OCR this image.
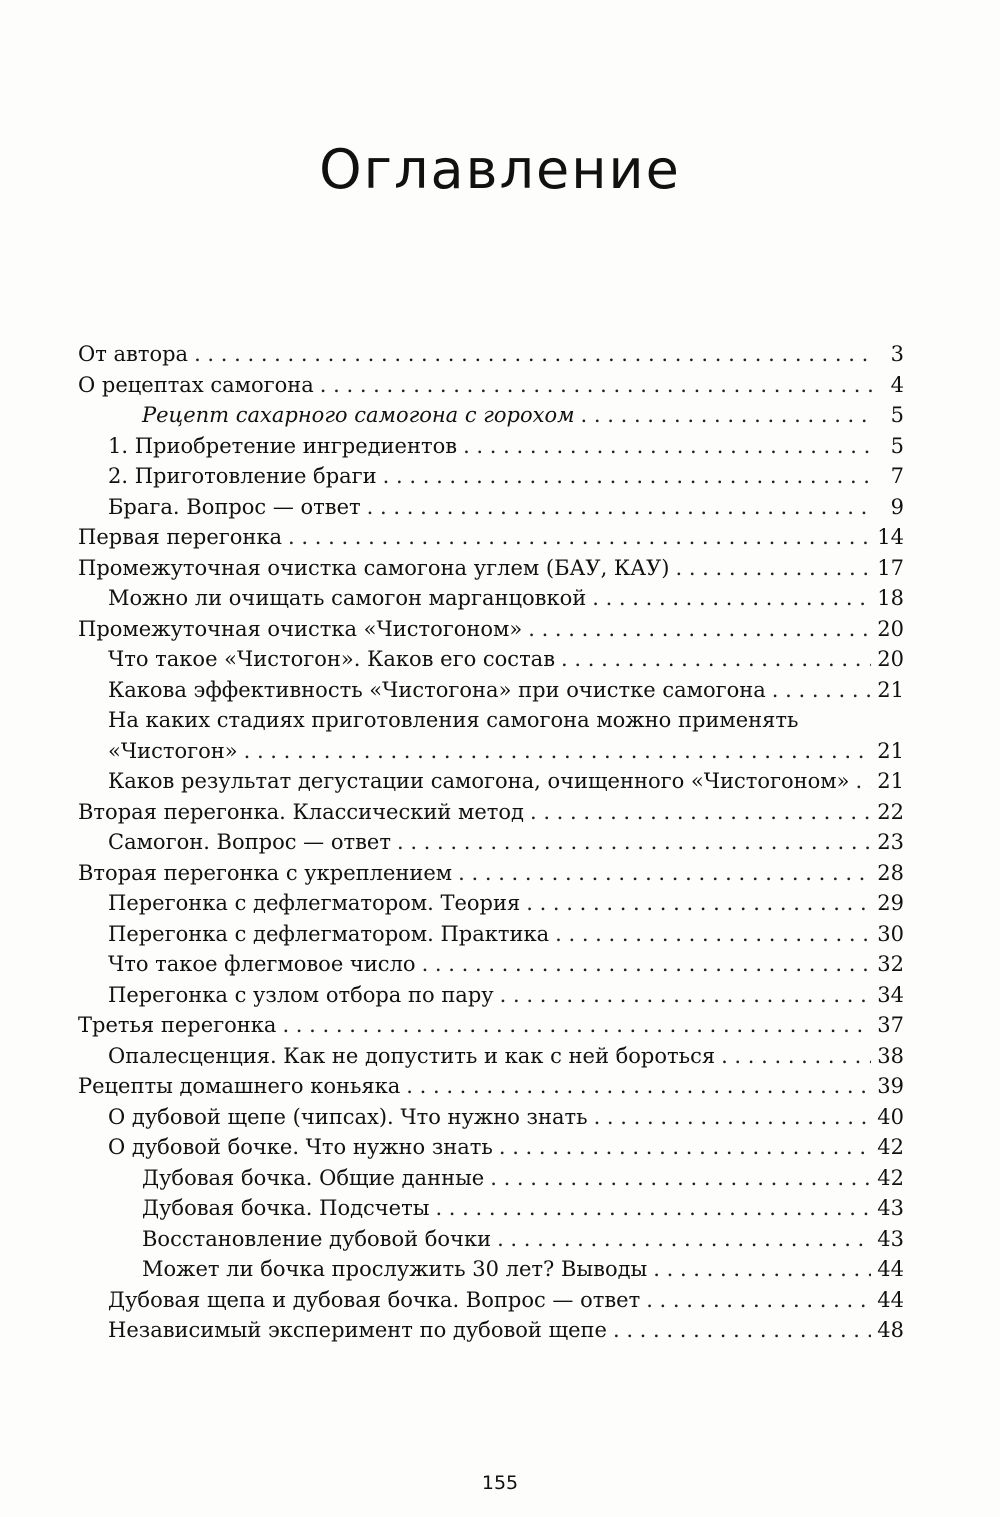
Оглавление
От автора . . .	3
О рецептах самогона . . .	4
Рецепт сахарного самогона с горохом . . .	5
1. Приобретение ингредиентов . . .	5
2. Приготовление браги . . .	7
Брага. Вопрос — ответ . . .	9
Первая перегонка . . .	14
Промежуточная очистка самогона углем (БАУ, КАУ) . . .	17
Можно ли очищать самогон марганцовкой . . .	18
Промежуточная очистка «Чистогоном» . . .	20
Что такое «Чистогон». Каков его состав . . .	20
Какова эффективность «Чистогона» при очистке самогона . . .	21
На каких стадиях приготовления самогона можно применять
«Чистогон» . . .	21
Каков результат дегустации самогона, очищенного «Чистогоном» . . . 21
Вторая перегонка. Классический метод . . .	22
Самогон. Вопрос — ответ . . .	23
Вторая перегонка с укреплением . . .	28
Перегонка с дефлегматором. Теория . . .	29
Перегонка с дефлегматором. Практика . . .	30
Что такое флегмовое число . . .	32
Перегонка с узлом отбора по пару . . .	34
Третья перегонка . . .	37
Опалесценция. Как не допустить и как с ней бороться . . .	38
Рецепты домашнего коньяка . . .	39
О дубовой щепе (чипсах). Что нужно знать . . .	40
О дубовой бочке. Что нужно знать . . .	42
Дубовая бочка. Общие данные . . .	42
Дубовая бочка. Подсчеты . . .	43
Восстановление дубовой бочки . . .	43
Может ли бочка прослужить 30 лет? Выводы . . .	44
Дубовая щепа и дубовая бочка. Вопрос — ответ . . .	44
Независимый эксперимент по дубовой щепе . . .	48
155
